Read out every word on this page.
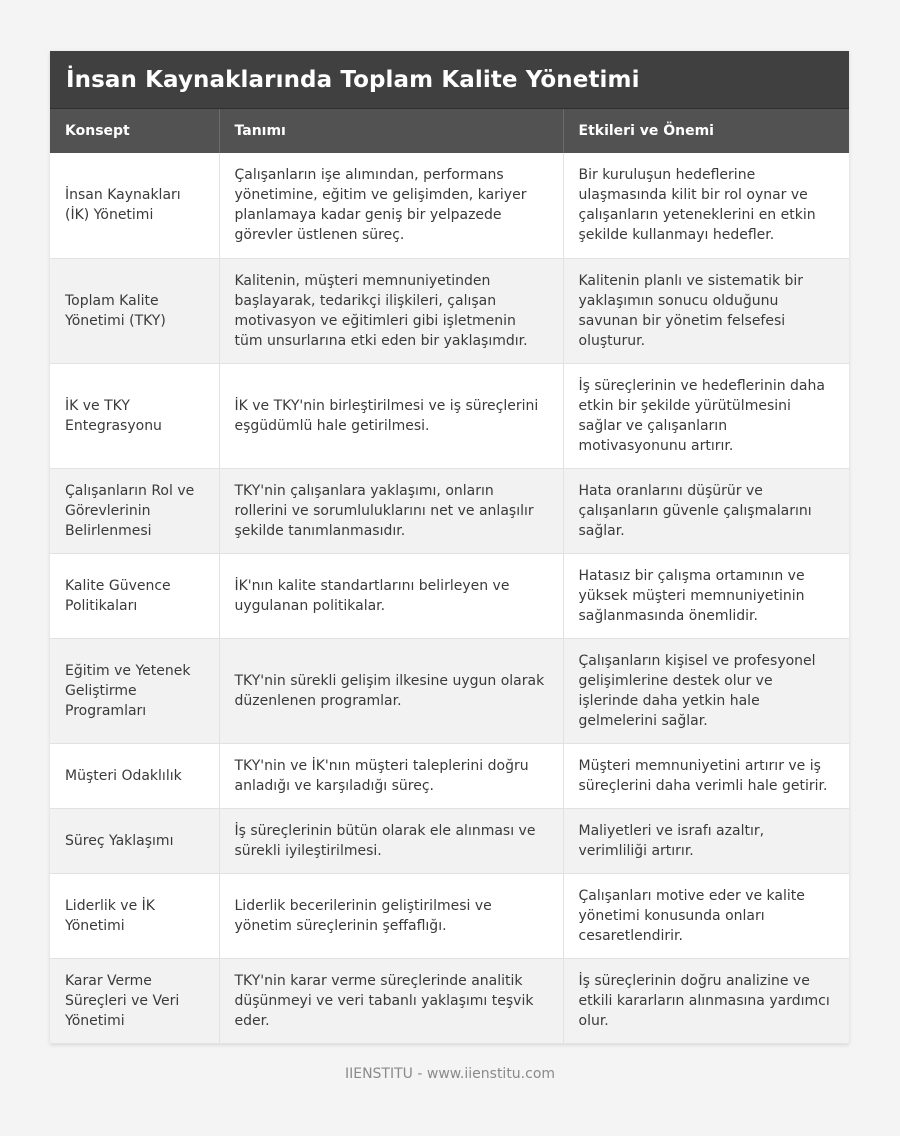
İnsan Kaynaklarında Toplam Kalite Yönetimi
Konsept	Tanımı	Etkileri ve Önemi
İnsan Kaynakları (İK) Yönetimi	Çalışanların işe alımından, performans yönetimine, eğitim ve gelişimden, kariyer planlamaya kadar geniş bir yelpazede görevler üstlenen süreç.	Bir kuruluşun hedeflerine ulaşmasında kilit bir rol oynar ve çalışanların yeteneklerini en etkin şekilde kullanmayı hedefler.
Toplam Kalite Yönetimi (TKY)	Kalitenin, müşteri memnuniyetinden başlayarak, tedarikçi ilişkileri, çalışan motivasyon ve eğitimleri gibi işletmenin tüm unsurlarına etki eden bir yaklaşımdır.	Kalitenin planlı ve sistematik bir yaklaşımın sonucu olduğunu savunan bir yönetim felsefesi oluşturur.
İK ve TKY Entegrasyonu	İK ve TKY'nin birleştirilmesi ve iş süreçlerini eşgüdümlü hale getirilmesi.	İş süreçlerinin ve hedeflerinin daha etkin bir şekilde yürütülmesini sağlar ve çalışanların motivasyonunu artırır.
Çalışanların Rol ve Görevlerinin Belirlenmesi	TKY'nin çalışanlara yaklaşımı, onların rollerini ve sorumluluklarını net ve anlaşılır şekilde tanımlanmasıdır.	Hata oranlarını düşürür ve çalışanların güvenle çalışmalarını sağlar.
Kalite Güvence Politikaları	İK'nın kalite standartlarını belirleyen ve uygulanan politikalar.	Hatasız bir çalışma ortamının ve yüksek müşteri memnuniyetinin sağlanmasında önemlidir.
Eğitim ve Yetenek Geliştirme Programları	TKY'nin sürekli gelişim ilkesine uygun olarak düzenlenen programlar.	Çalışanların kişisel ve profesyonel gelişimlerine destek olur ve işlerinde daha yetkin hale gelmelerini sağlar.
Müşteri Odaklılık	TKY'nin ve İK'nın müşteri taleplerini doğru anladığı ve karşıladığı süreç.	Müşteri memnuniyetini artırır ve iş süreçlerini daha verimli hale getirir.
Süreç Yaklaşımı	İş süreçlerinin bütün olarak ele alınması ve sürekli iyileştirilmesi.	Maliyetleri ve israfı azaltır, verimliliği artırır.
Liderlik ve İK Yönetimi	Liderlik becerilerinin geliştirilmesi ve yönetim süreçlerinin şeffaflığı.	Çalışanları motive eder ve kalite yönetimi konusunda onları cesaretlendirir.
Karar Verme Süreçleri ve Veri Yönetimi	TKY'nin karar verme süreçlerinde analitik düşünmeyi ve veri tabanlı yaklaşımı teşvik eder.	İş süreçlerinin doğru analizine ve etkili kararların alınmasına yardımcı olur.
IIENSTITU - www.iienstitu.com
